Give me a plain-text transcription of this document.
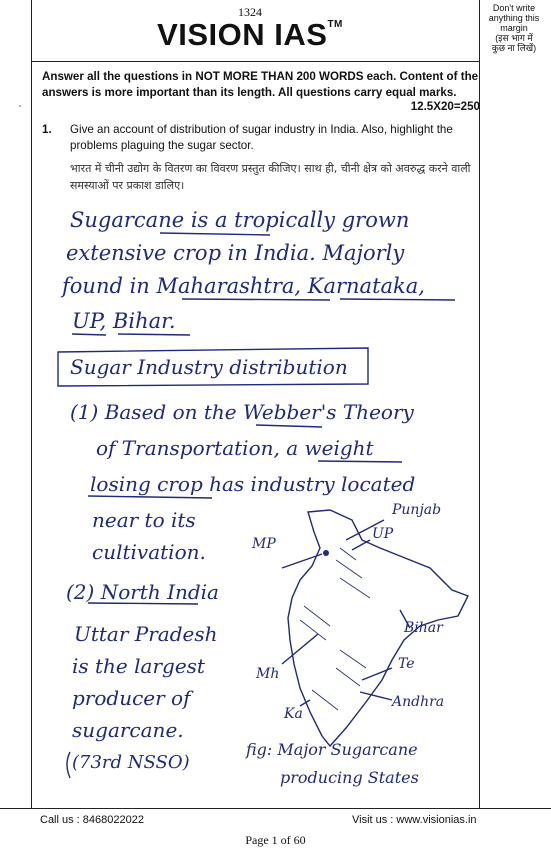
1324
VISION IAS™
Don't write
anything this
margin
(इस भाग में
कुछ ना लिखें)
Answer all the questions in NOT MORE THAN 200 WORDS each. Content of the answers is more important than its length. All questions carry equal marks.
12.5X20=250
1. Give an account of distribution of sugar industry in India. Also, highlight the problems plaguing the sugar sector.
भारत में चीनी उद्योग के वितरण का विवरण प्रस्तुत कीजिए। साथ ही, चीनी क्षेत्र को अवरुद्ध करने वाली समस्याओं पर प्रकाश डालिए।
Sugarcane is a tropically grown
extensive crop in India. Majorly
found in Maharashtra, Karnataka,
UP, Bihar.
Sugar Industry distribution
(1) Based on the Webber's Theory
of Transportation, a weight
losing crop has industry located
near to its
cultivation.
(2) North India
Uttar Pradesh
is the largest
producer of
sugarcane.
(73rd NSSO)
Punjab
UP
MP
Bihar
Te
Mh
Andhra
Ka
fig: Major Sugarcane
producing States
Call us : 8468022022	Visit us : www.visionias.in
Page 1 of 60
